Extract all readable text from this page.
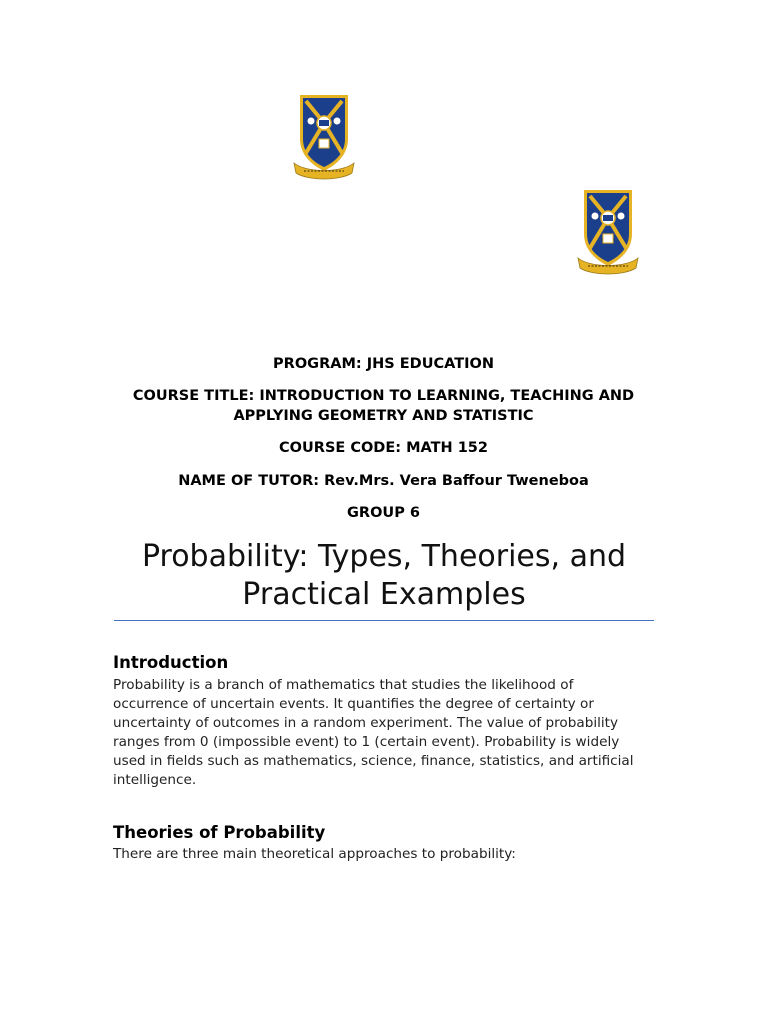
PROGRAM: JHS EDUCATION
COURSE TITLE: INTRODUCTION TO LEARNING, TEACHING AND APPLYING GEOMETRY AND STATISTIC
COURSE CODE: MATH 152
NAME OF TUTOR: Rev.Mrs. Vera Baffour Tweneboa
GROUP 6
Probability: Types, Theories, and Practical Examples
Introduction
Probability is a branch of mathematics that studies the likelihood of occurrence of uncertain events. It quantifies the degree of certainty or uncertainty of outcomes in a random experiment. The value of probability ranges from 0 (impossible event) to 1 (certain event). Probability is widely used in fields such as mathematics, science, finance, statistics, and artificial intelligence.
Theories of Probability
There are three main theoretical approaches to probability:
